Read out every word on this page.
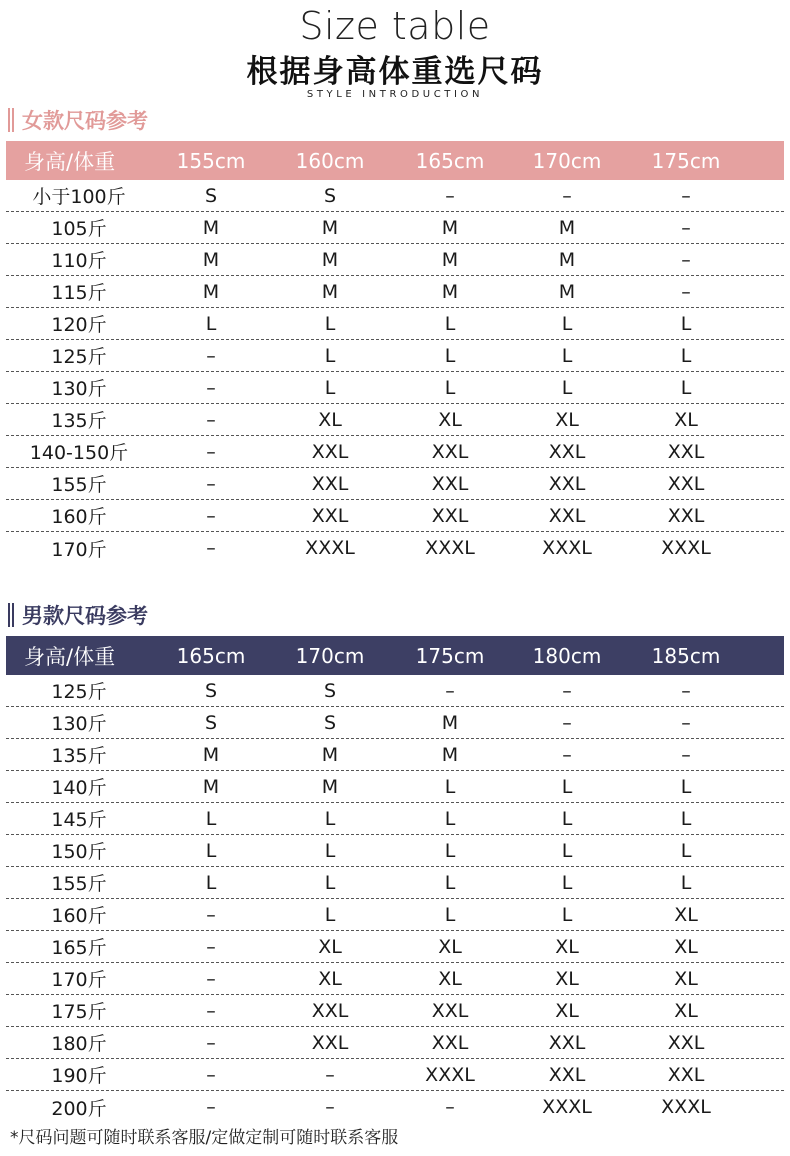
Size table
根据身高体重选尺码
STYLE INTRODUCTION
女款尺码参考
身高/体重	155cm	160cm	165cm	170cm	175cm
小于100斤	S	S	–	–	–
105斤	M	M	M	M	–
110斤	M	M	M	M	–
115斤	M	M	M	M	–
120斤	L	L	L	L	L
125斤	–	L	L	L	L
130斤	–	L	L	L	L
135斤	–	XL	XL	XL	XL
140-150斤	–	XXL	XXL	XXL	XXL
155斤	–	XXL	XXL	XXL	XXL
160斤	–	XXL	XXL	XXL	XXL
170斤	–	XXXL	XXXL	XXXL	XXXL
男款尺码参考
身高/体重	165cm	170cm	175cm	180cm	185cm
125斤	S	S	–	–	–
130斤	S	S	M	–	–
135斤	M	M	M	–	–
140斤	M	M	L	L	L
145斤	L	L	L	L	L
150斤	L	L	L	L	L
155斤	L	L	L	L	L
160斤	–	L	L	L	XL
165斤	–	XL	XL	XL	XL
170斤	–	XL	XL	XL	XL
175斤	–	XXL	XXL	XL	XL
180斤	–	XXL	XXL	XXL	XXL
190斤	–	–	XXXL	XXL	XXL
200斤	–	–	–	XXXL	XXXL
*尺码问题可随时联系客服/定做定制可随时联系客服
